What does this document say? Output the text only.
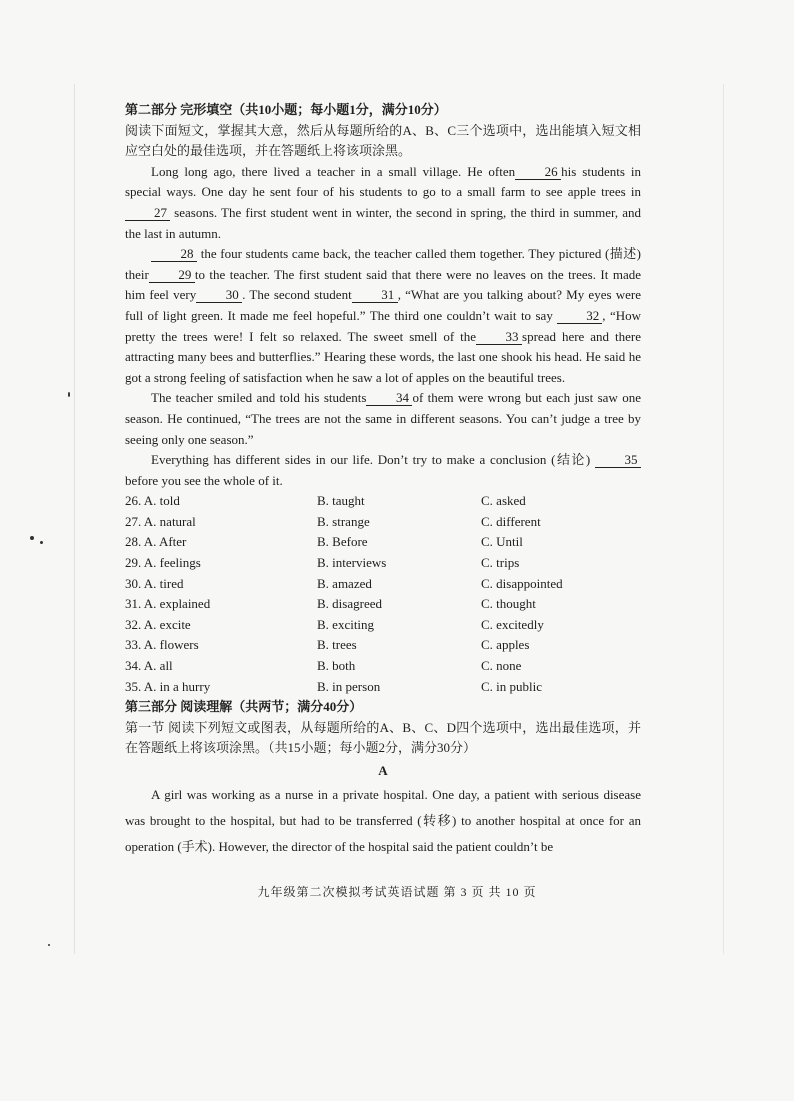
第二部分 完形填空（共10小题；每小题1分，满分10分）

阅读下面短文，掌握其大意，然后从每题所给的A、B、C三个选项中，选出能填入短文相应空白处的最佳选项，并在答题纸上将该项涂黑。

Long long ago, there lived a teacher in a small village. He often 26 his students in special ways. One day he sent four of his students to go to a small farm to see apple trees in 27 seasons. The first student went in winter, the second in spring, the third in summer, and the last in autumn.

28 the four students came back, the teacher called them together. They pictured (描述) their 29 to the teacher. The first student said that there were no leaves on the trees. It made him feel very 30 . The second student 31 , “What are you talking about? My eyes were full of light green. It made me feel hopeful.” The third one couldn’t wait to say	32 , “How pretty the trees were! I felt so relaxed. The sweet smell of the 33 spread here and there attracting many bees and butterflies.” Hearing these words, the last one shook his head. He said he got a strong feeling of satisfaction when he saw a lot of apples on the beautiful trees.

The teacher smiled and told his students 34 of them were wrong but each just saw one season. He continued, “The trees are not the same in different seasons. You can’t judge a tree by seeing only one season.”

Everything has different sides in our life. Don’t try to make a conclusion (结论)	35before you see the whole of it.

26. A. told	B. taught	C. asked
27. A. natural	B. strange	C. different
28. A. After	B. Before	C. Until
29. A. feelings	B. interviews	C. trips
30. A. tired	B. amazed	C. disappointed
31. A. explained	B. disagreed	C. thought
32. A. excite	B. exciting	C. excitedly
33. A. flowers	B. trees	C. apples
34. A. all	B. both	C. none
35. A. in a hurry	B. in person	C. in public

第三部分 阅读理解（共两节；满分40分）

第一节 阅读下列短文或图表，从每题所给的A、B、C、D四个选项中，选出最佳选项，并在答题纸上将该项涂黑。（共15小题；每小题2分，满分30分）

A

A girl was working as a nurse in a private hospital. One day, a patient with serious disease was brought to the hospital, but had to be transferred (转移) to another hospital at once for an operation (手术). However, the director of the hospital said the patient couldn’t be

九年级第二次模拟考试英语试题 第 3 页 共 10 页
